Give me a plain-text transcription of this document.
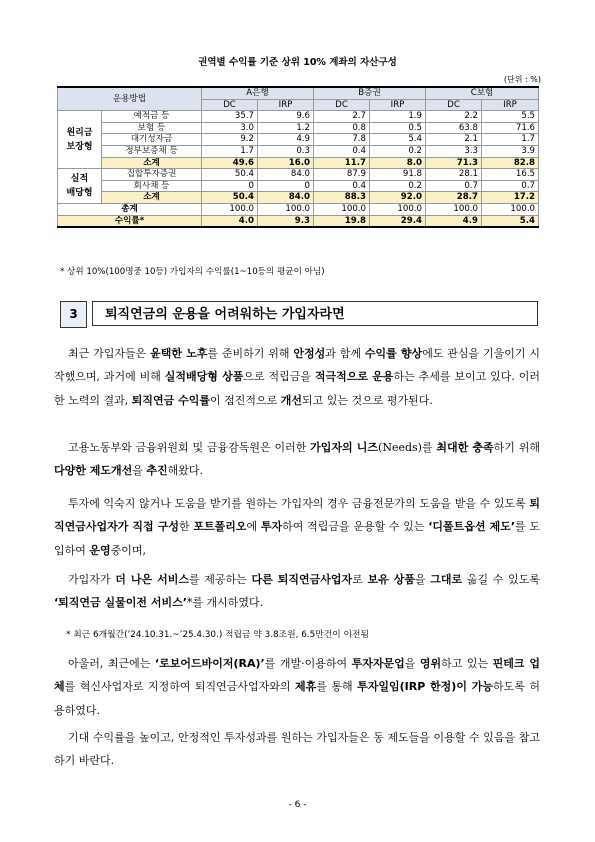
권역별 수익률 기준 상위 10% 계좌의 자산구성
(단위 : %)
운용방법		A은행		B증권		C보험	
		DC	IRP	DC	IRP	DC	IRP
원리금
보장형	예적금 등	35.7	9.6	2.7	1.9	2.2	5.5
	보험 등	3.0	1.2	0.8	0.5	63.8	71.6
	대기성자금	9.2	4.9	7.8	5.4	2.1	1.7
	정부보증채 등	1.7	0.3	0.4	0.2	3.3	3.9
	소계	49.6	16.0	11.7	8.0	71.3	82.8
실적
배당형	집합투자증권	50.4	84.0	87.9	91.8	28.1	16.5
	회사채 등	0	0	0.4	0.2	0.7	0.7
	소계	50.4	84.0	88.3	92.0	28.7	17.2
총계		100.0	100.0	100.0	100.0	100.0	100.0
수익률*		4.0	9.3	19.8	29.4	4.9	5.4
* 상위 10%(100명중 10등) 가입자의 수익률(1~10등의 평균이 아님)
3	퇴직연금의 운용을 어려워하는 가입자라면
최근 가입자들은 윤택한 노후를 준비하기 위해 안정성과 함께 수익률 향상에도 관심을 기울이기 시작했으며, 과거에 비해 실적배당형 상품으로 적립금을 적극적으로 운용하는 추세를 보이고 있다. 이러한 노력의 결과, 퇴직연금 수익률이 점진적으로 개선되고 있는 것으로 평가된다.
고용노동부와 금융위원회 및 금융감독원은 이러한 가입자의 니즈(Needs)를 최대한 충족하기 위해 다양한 제도개선을 추진해왔다.
투자에 익숙지 않거나 도움을 받기를 원하는 가입자의 경우 금융전문가의 도움을 받을 수 있도록 퇴직연금사업자가 직접 구성한 포트폴리오에 투자하여 적립금을 운용할 수 있는 ‘디폴트옵션 제도’를 도입하여 운영중이며,
가입자가 더 나은 서비스를 제공하는 다른 퇴직연금사업자로 보유 상품을 그대로 옮길 수 있도록 ‘퇴직연금 실물이전 서비스’*를 개시하였다.
* 최근 6개월간(’24.10.31.~’25.4.30.) 적립금 약 3.8조원, 6.5만건이 이전됨
아울러, 최근에는 ‘로보어드바이저(RA)’를 개발·이용하여 투자자문업을 영위하고 있는 핀테크 업체를 혁신사업자로 지정하여 퇴직연금사업자와의 제휴를 통해 투자일임(IRP 한정)이 가능하도록 허용하였다.
기대 수익률을 높이고, 안정적인 투자성과를 원하는 가입자들은 동 제도들을 이용할 수 있음을 참고하기 바란다.
- 6 -
